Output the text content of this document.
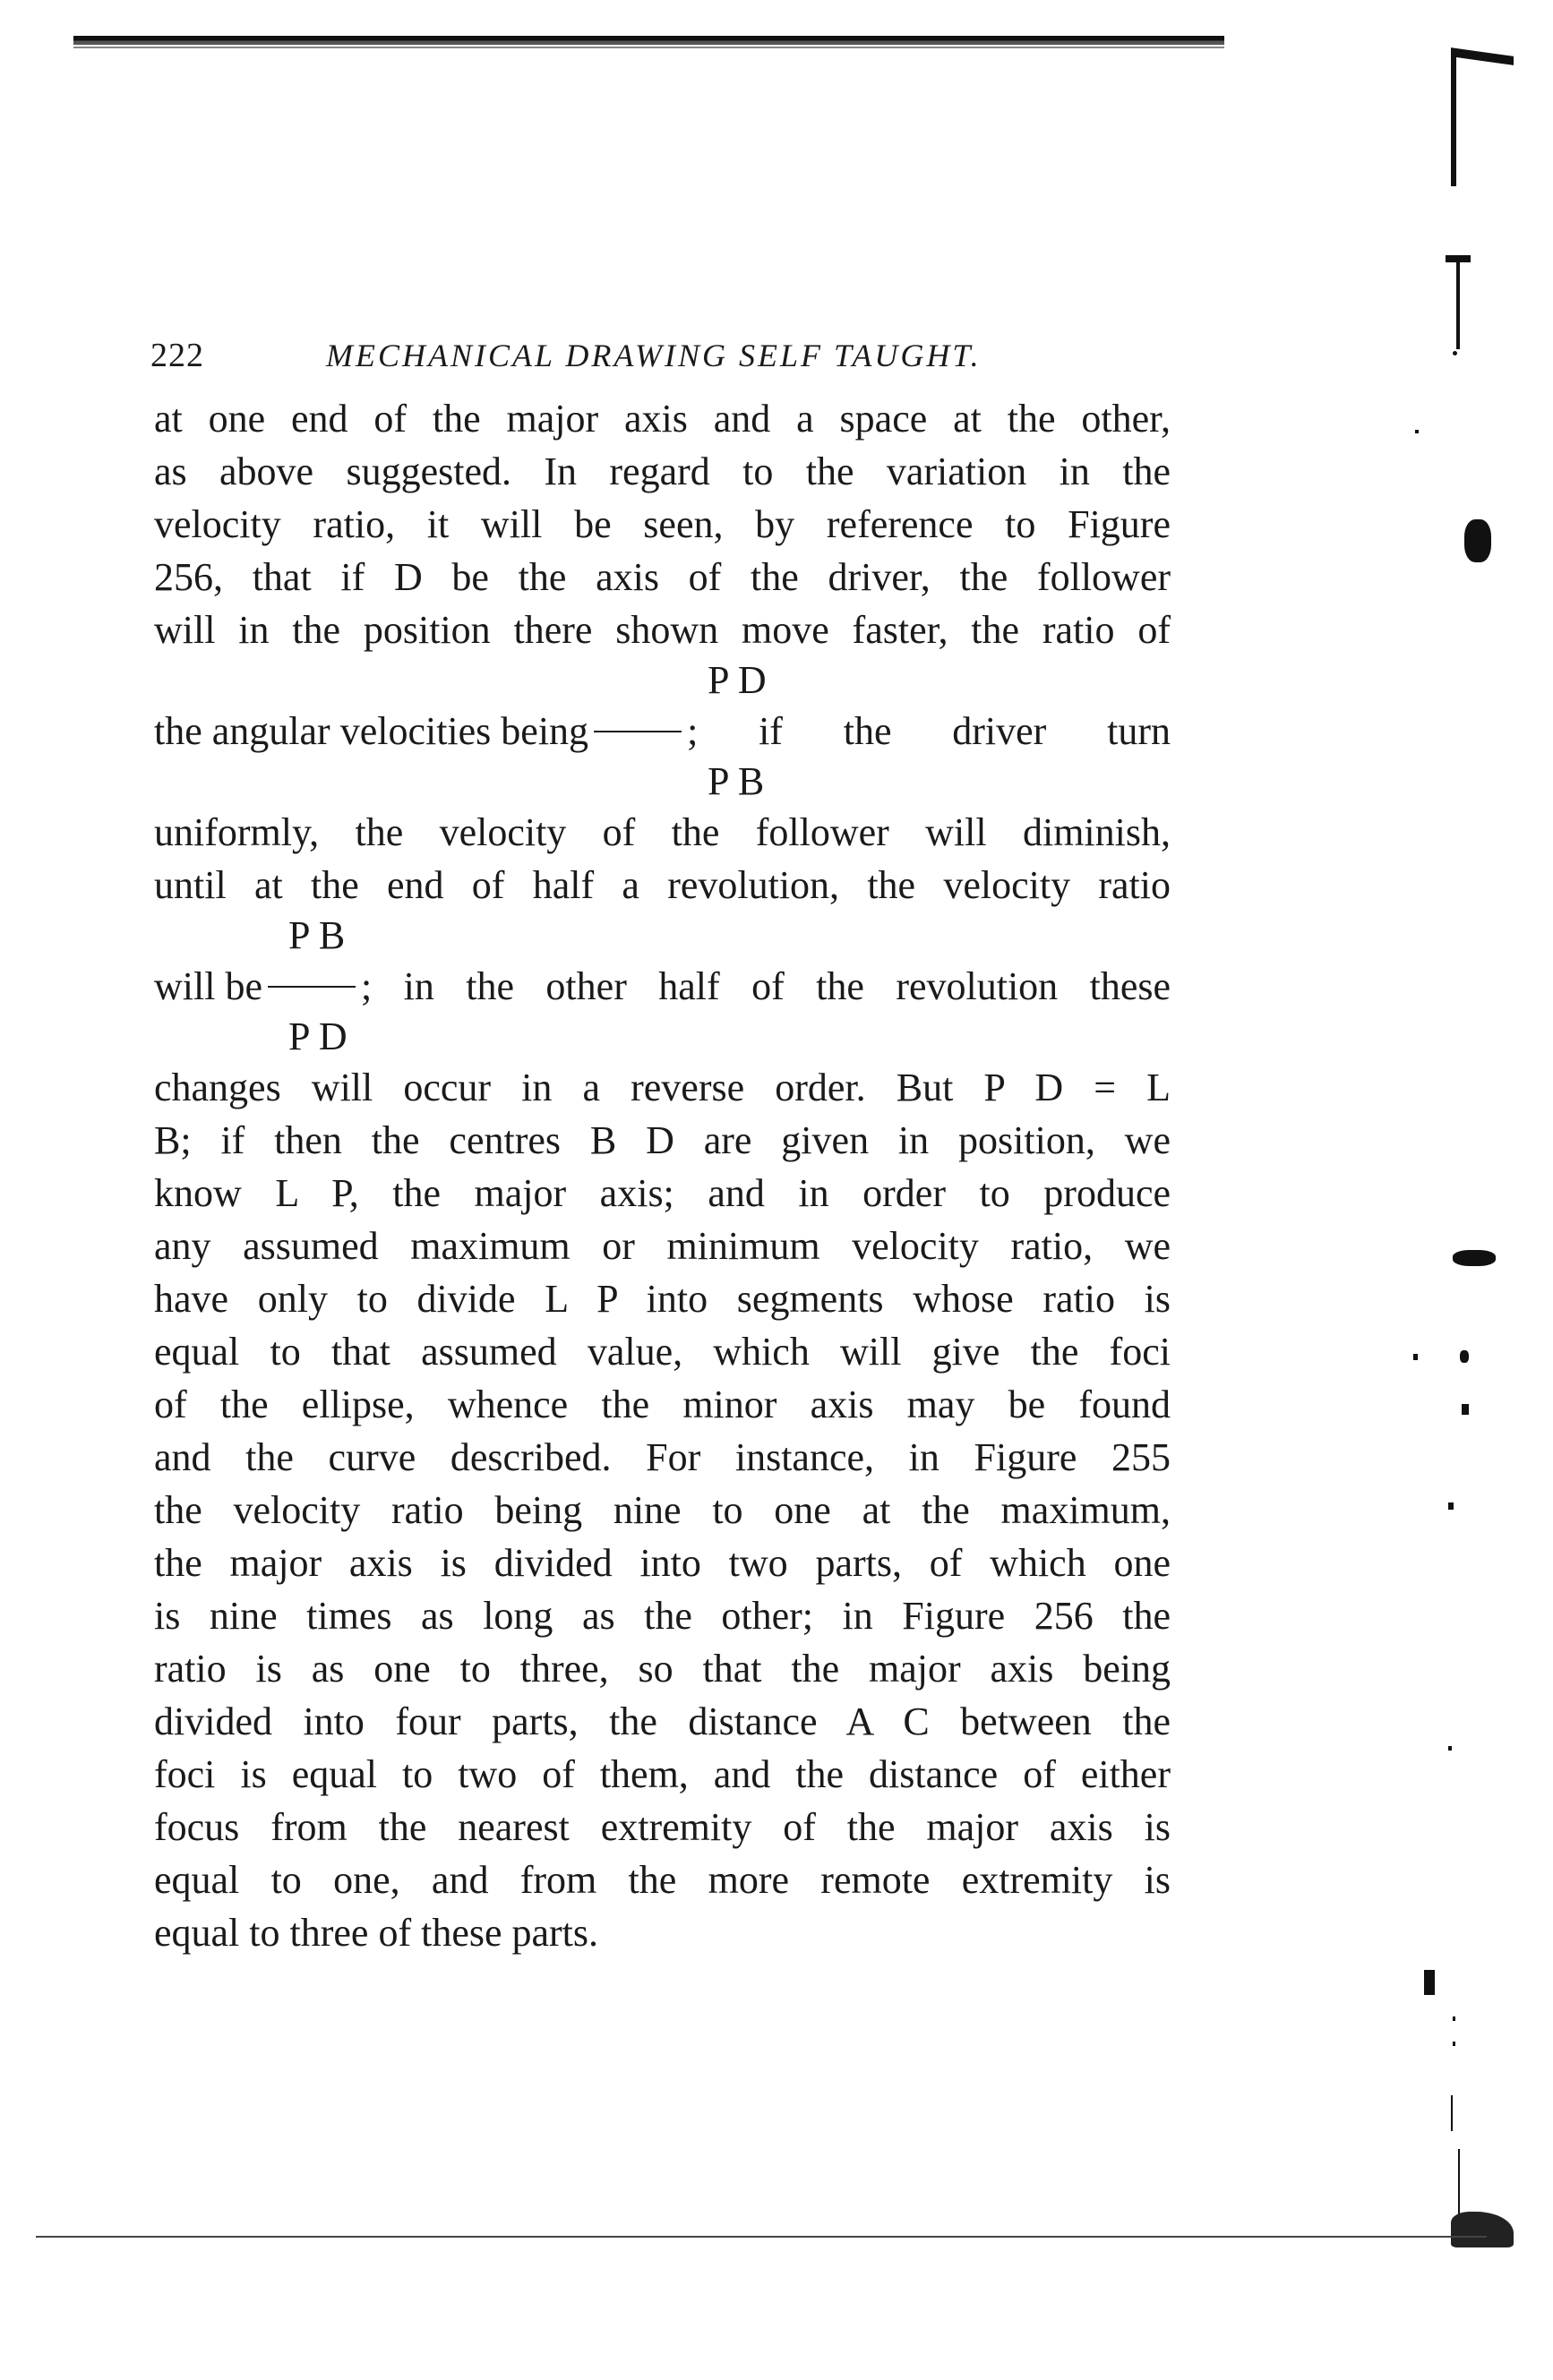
222	MECHANICAL DRAWING SELF TAUGHT.
at one end of the major axis and a space at the other,
as above suggested. In regard to the variation in the
velocity ratio, it will be seen, by reference to Figure
256, that if D be the axis of the driver, the follower
will in the position there shown move faster, the ratio of
P D
the angular velocities being	; if the driver turn
P B
uniformly, the velocity of the follower will diminish,
until at the end of half a revolution, the velocity ratio
P B
will be	; in the other half of the revolution these
P D
changes will occur in a reverse order. But P D = L
B; if then the centres B D are given in position, we
know L P, the major axis; and in order to produce
any assumed maximum or minimum velocity ratio, we
have only to divide L P into segments whose ratio is
equal to that assumed value, which will give the foci
of the ellipse, whence the minor axis may be found
and the curve described. For instance, in Figure 255
the velocity ratio being nine to one at the maximum,
the major axis is divided into two parts, of which one
is nine times as long as the other; in Figure 256 the
ratio is as one to three, so that the major axis being
divided into four parts, the distance A C between the
foci is equal to two of them, and the distance of either
focus from the nearest extremity of the major axis is
equal to one, and from the more remote extremity is
equal to three of these parts.
